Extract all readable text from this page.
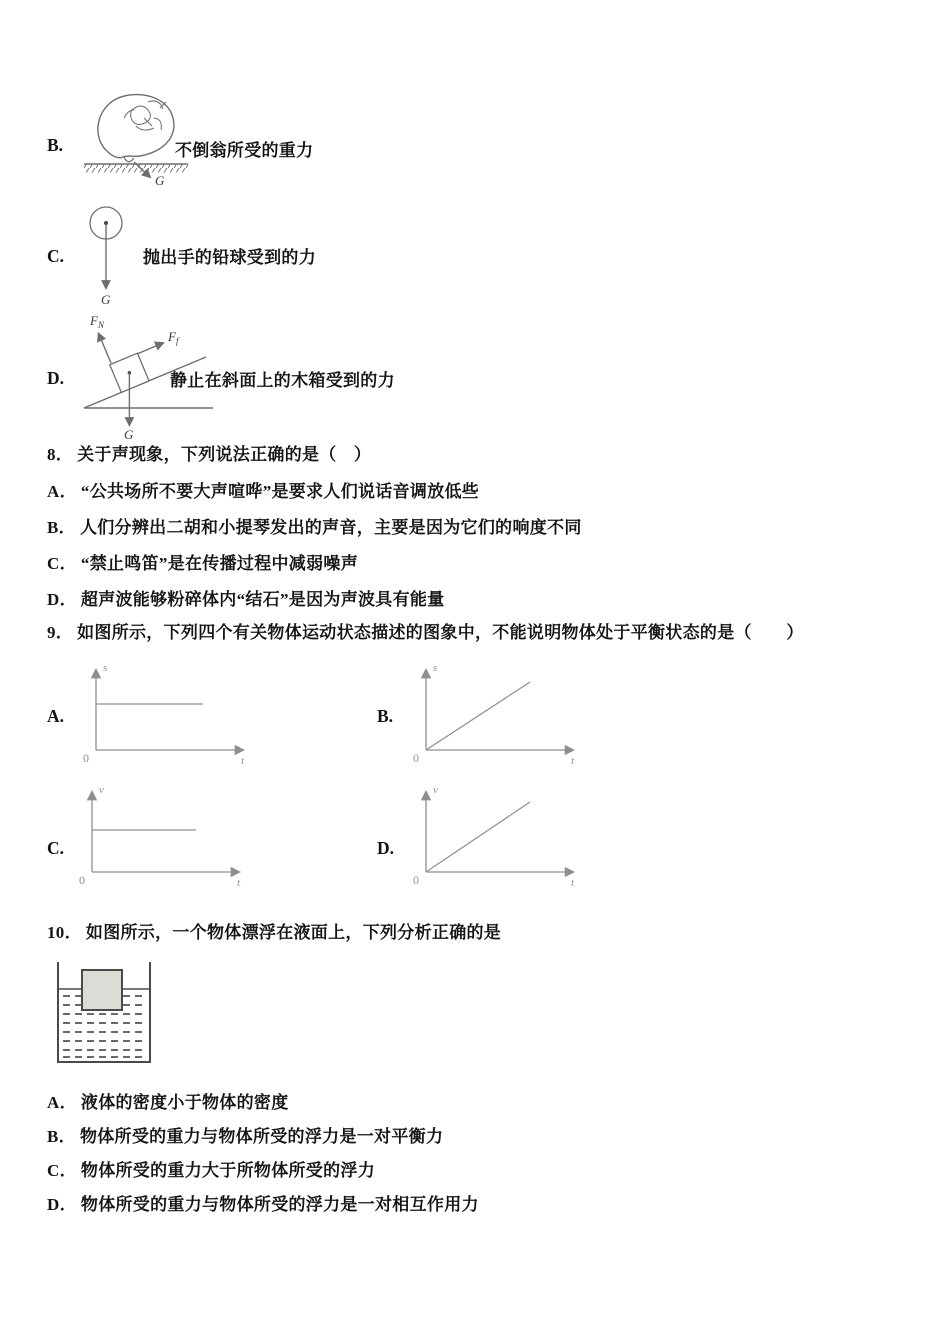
B.
G
不倒翁所受的重力
C.
G
抛出手的铅球受到的力
D.
$F_N$
$F_f$
G
静止在斜面上的木箱受到的力
8． 关于声现象，下列说法正确的是（　）
A． “公共场所不要大声喧哗”是要求人们说话音调放低些
B． 人们分辨出二胡和小提琴发出的声音，主要是因为它们的响度不同
C． “禁止鸣笛”是在传播过程中减弱噪声
D． 超声波能够粉碎体内“结石”是因为声波具有能量
9． 如图所示，下列四个有关物体运动状态描述的图象中，不能说明物体处于平衡状态的是（　　）
A.
s
t
0
B.
s
t
0
C.
v
t
0
D.
v
t
0
10． 如图所示，一个物体漂浮在液面上，下列分析正确的是
A． 液体的密度小于物体的密度
B． 物体所受的重力与物体所受的浮力是一对平衡力
C． 物体所受的重力大于所物体所受的浮力
D． 物体所受的重力与物体所受的浮力是一对相互作用力
